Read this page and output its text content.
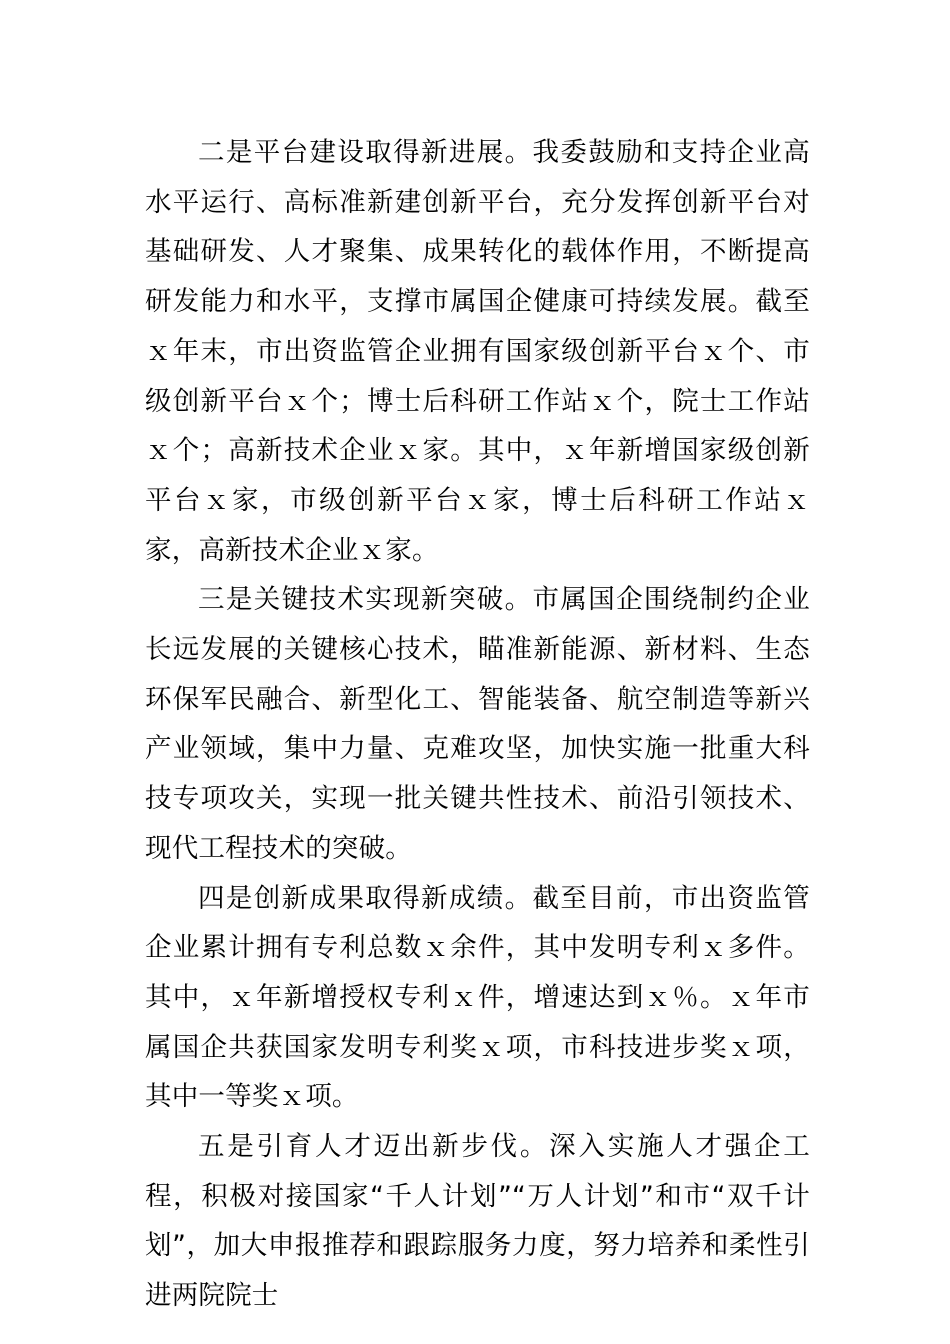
二是平台建设取得新进展。我委鼓励和支持企业高水平运行、高标准新建创新平台，充分发挥创新平台对基础研发、人才聚集、成果转化的载体作用，不断提高研发能力和水平，支撑市属国企健康可持续发展。截至ｘ年末，市出资监管企业拥有国家级创新平台ｘ个、市级创新平台ｘ个；博士后科研工作站ｘ个，院士工作站ｘ个；高新技术企业ｘ家。其中，ｘ年新增国家级创新平台ｘ家，市级创新平台ｘ家，博士后科研工作站ｘ家，高新技术企业ｘ家。

三是关键技术实现新突破。市属国企围绕制约企业长远发展的关键核心技术，瞄准新能源、新材料、生态环保军民融合、新型化工、智能装备、航空制造等新兴产业领域，集中力量、克难攻坚，加快实施一批重大科技专项攻关，实现一批关键共性技术、前沿引领技术、现代工程技术的突破。

四是创新成果取得新成绩。截至目前，市出资监管企业累计拥有专利总数ｘ余件，其中发明专利ｘ多件。其中，ｘ年新增授权专利ｘ件，增速达到ｘ％。ｘ年市属国企共获国家发明专利奖ｘ项，市科技进步奖ｘ项，其中一等奖ｘ项。

五是引育人才迈出新步伐。深入实施人才强企工程，积极对接国家“千人计划”“万人计划”和市“双千计划”，加大申报推荐和跟踪服务力度，努力培养和柔性引进两院院士
